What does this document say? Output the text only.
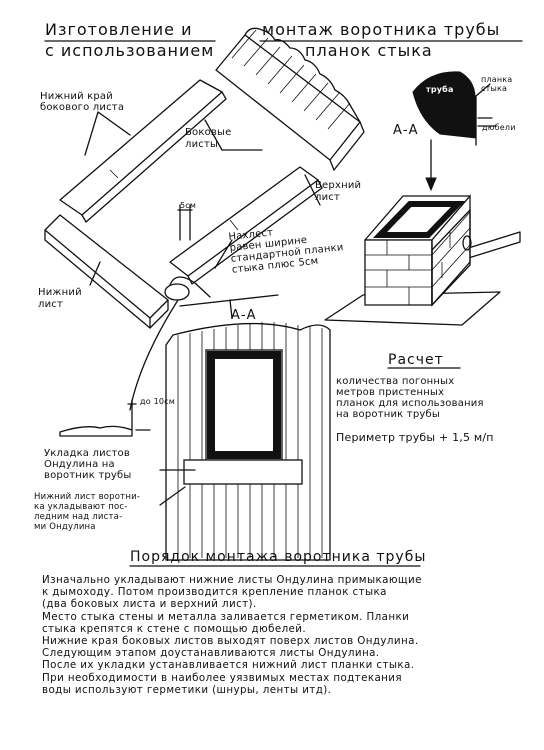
Изготовление и
с использованием
монтаж воротника трубы
планок стыка
Нижний край
бокового листа
Боковые
листы
Верхний
лист
5см
Нахлест
равен ширине
стандартной планки
стыка плюс 5см
Нижний
лист
А-А
А-А
труба
планка
стыка
дюбели
до 10см
Укладка листов
Ондулина на
воротник трубы
Нижний лист воротни-
ка укладывают пос-
ледним над листа-
ми Ондулина
Расчет
количества погонных
метров пристенных
планок для использования
на воротник трубы
Периметр трубы + 1,5 м/п
Порядок монтажа воротника трубы
Изначально укладывают нижние листы Ондулина примыкающие
к дымоходу. Потом производится крепление планок стыка
(два боковых листа и верхний лист).
Место стыка стены и металла заливается герметиком. Планки
стыка крепятся к стене с помощью дюбелей.
Нижние края боковых листов выходят поверх листов Ондулина.
Следующим этапом доустанавливаются листы Ондулина.
После их укладки устанавливается нижний лист планки стыка.
При необходимости в наиболее уязвимых местах подтекания
воды используют герметики (шнуры, ленты итд).
